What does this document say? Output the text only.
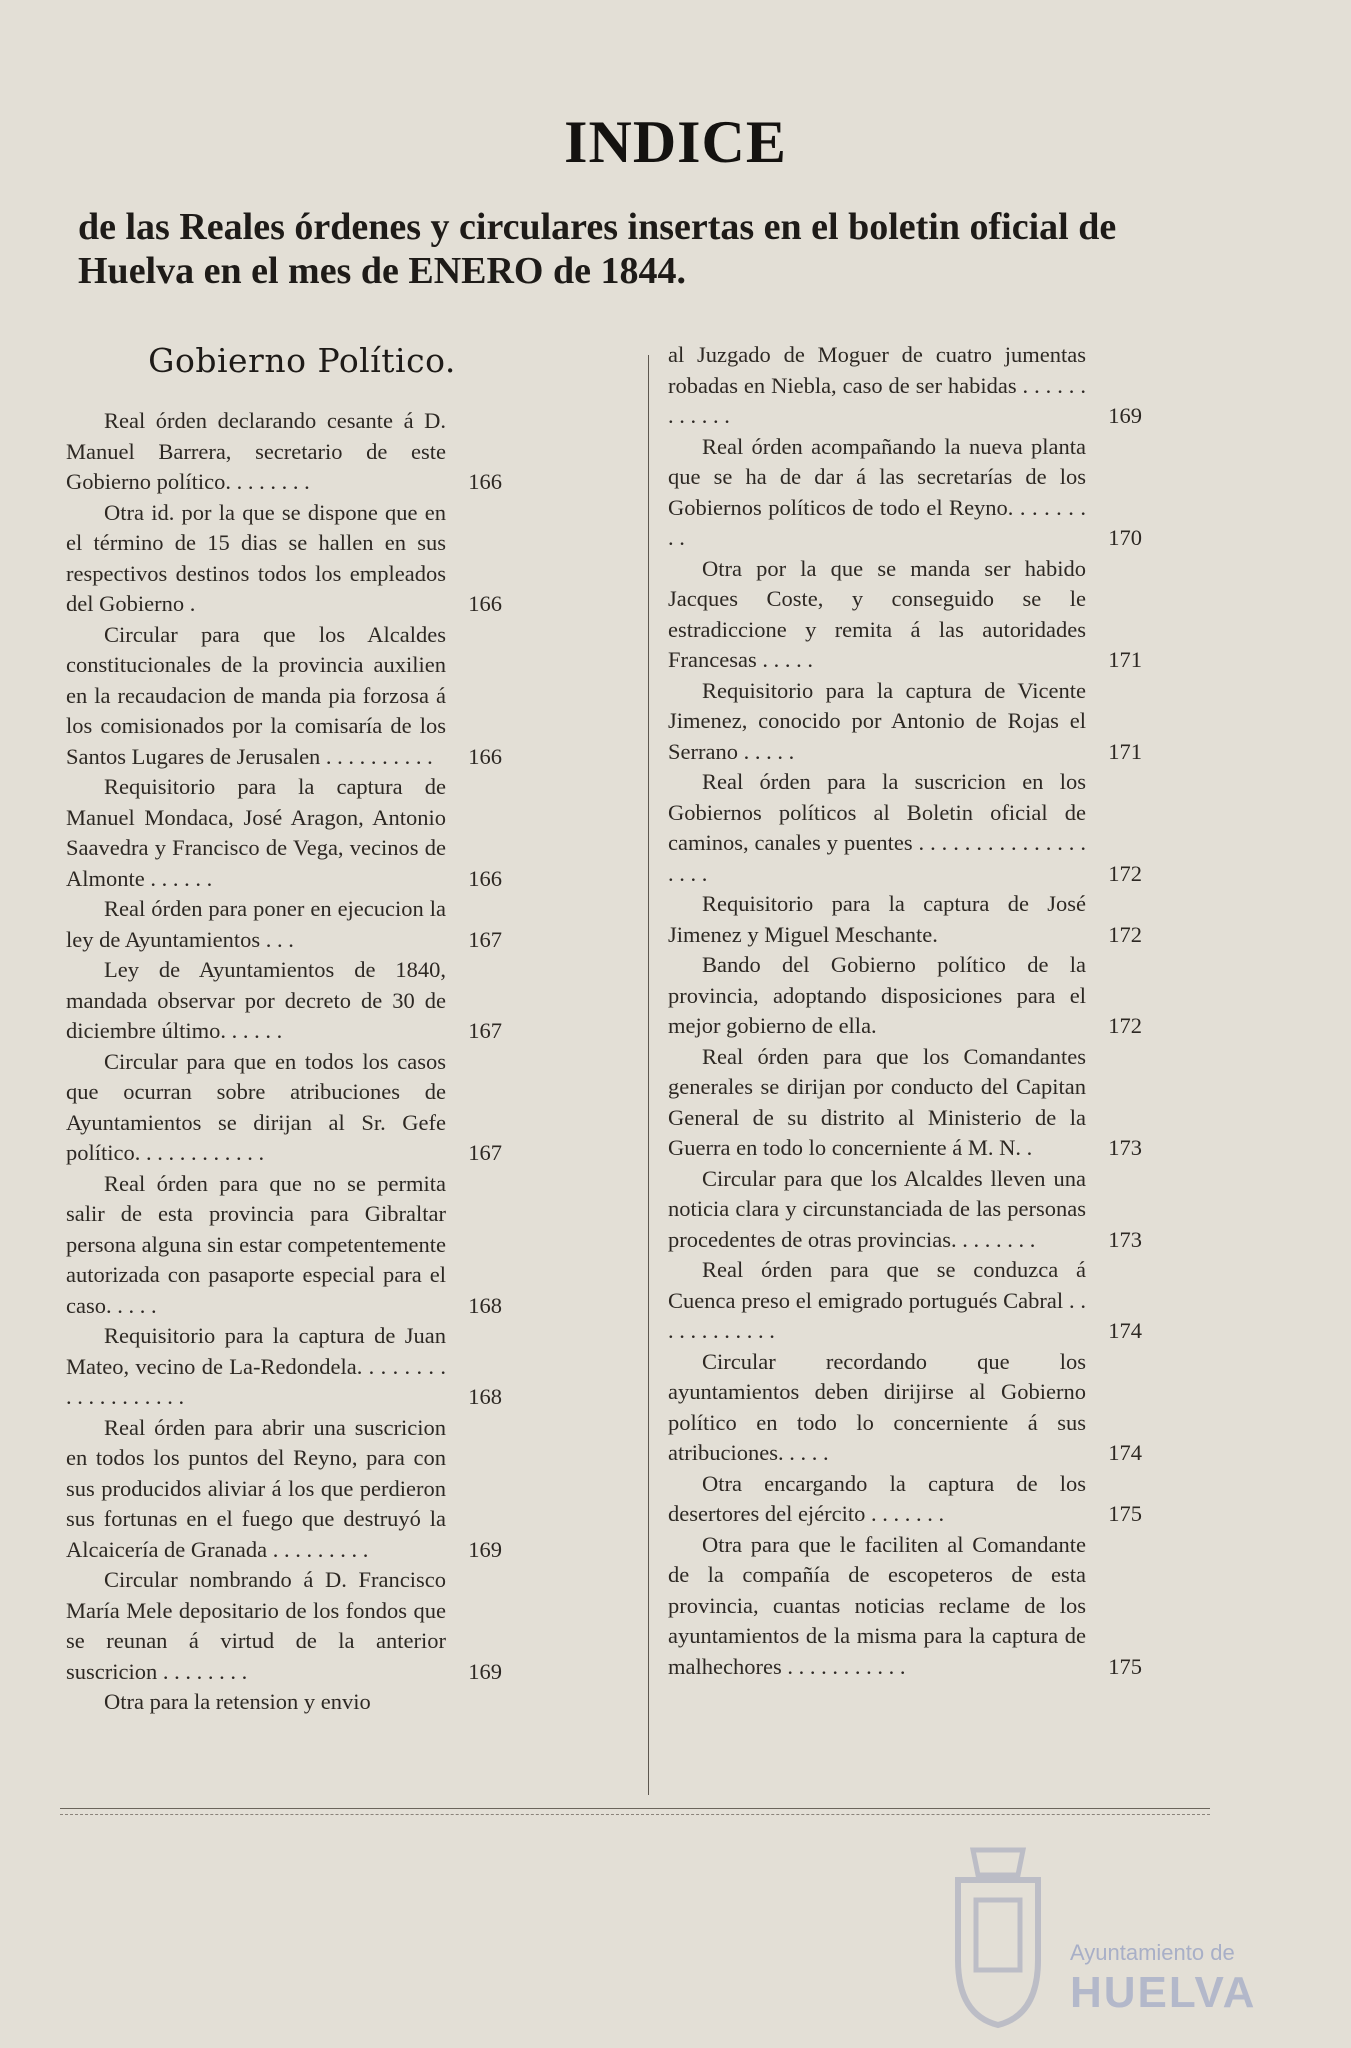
INDICE
de las Reales órdenes y circulares insertas en el boletin oficial de Huelva en el mes de ENERO de 1844.
Gobierno Político.
Real órden declarando cesante á D. Manuel Barrera, secretario de este Gobierno político. . . . . . . .	166
Otra id. por la que se dispone que en el término de 15 dias se hallen en sus respectivos destinos todos los empleados del Gobierno .	166
Circular para que los Alcaldes constitucionales de la provincia auxilien en la recaudacion de manda pia forzosa á los comisionados por la comisaría de los Santos Lugares de Jerusalen . . . . . . . . . .	166
Requisitorio para la captura de Manuel Mondaca, José Aragon, Antonio Saavedra y Francisco de Vega, vecinos de Almonte . . . . . .	166
Real órden para poner en ejecucion la ley de Ayuntamientos . . .	167
Ley de Ayuntamientos de 1840, mandada observar por decreto de 30 de diciembre último. . . . . .	167
Circular para que en todos los casos que ocurran sobre atribuciones de Ayuntamientos se dirijan al Sr. Gefe político. . . . . . . . . . . .	167
Real órden para que no se permita salir de esta provincia para Gibraltar persona alguna sin estar competentemente autorizada con pasaporte especial para el caso. . . . .	168
Requisitorio para la captura de Juan Mateo, vecino de La-Redondela. . . . . . . . . . . . . . . . . . .	168
Real órden para abrir una suscricion en todos los puntos del Reyno, para con sus producidos aliviar á los que perdieron sus fortunas en el fuego que destruyó la Alcaicería de Granada . . . . . . . . .	169
Circular nombrando á D. Francisco María Mele depositario de los fondos que se reunan á virtud de la anterior suscricion . . . . . . . .	169
Otra para la retension y envio
al Juzgado de Moguer de cuatro jumentas robadas en Niebla, caso de ser habidas . . . . . . . . . . . .	169
Real órden acompañando la nueva planta que se ha de dar á las secretarías de los Gobiernos políticos de todo el Reyno. . . . . . . . .	170
Otra por la que se manda ser habido Jacques Coste, y conseguido se le estradiccione y remita á las autoridades Francesas . . . . .	171
Requisitorio para la captura de Vicente Jimenez, conocido por Antonio de Rojas el Serrano . . . . .	171
Real órden para la suscricion en los Gobiernos políticos al Boletin oficial de caminos, canales y puentes . . . . . . . . . . . . . . . . . . .	172
Requisitorio para la captura de José Jimenez y Miguel Meschante.	172
Bando del Gobierno político de la provincia, adoptando disposiciones para el mejor gobierno de ella.	172
Real órden para que los Comandantes generales se dirijan por conducto del Capitan General de su distrito al Ministerio de la Guerra en todo lo concerniente á M. N. .	173
Circular para que los Alcaldes lleven una noticia clara y circunstanciada de las personas procedentes de otras provincias. . . . . . . .	173
Real órden para que se conduzca á Cuenca preso el emigrado portugués Cabral . . . . . . . . . . . .	174
Circular recordando que los ayuntamientos deben dirijirse al Gobierno político en todo lo concerniente á sus atribuciones. . . . .	174
Otra encargando la captura de los desertores del ejército . . . . . . .	175
Otra para que le faciliten al Comandante de la compañía de escopeteros de esta provincia, cuantas noticias reclame de los ayuntamientos de la misma para la captura de malhechores . . . . . . . . . . .	175
Ayuntamiento de
HUELVA
